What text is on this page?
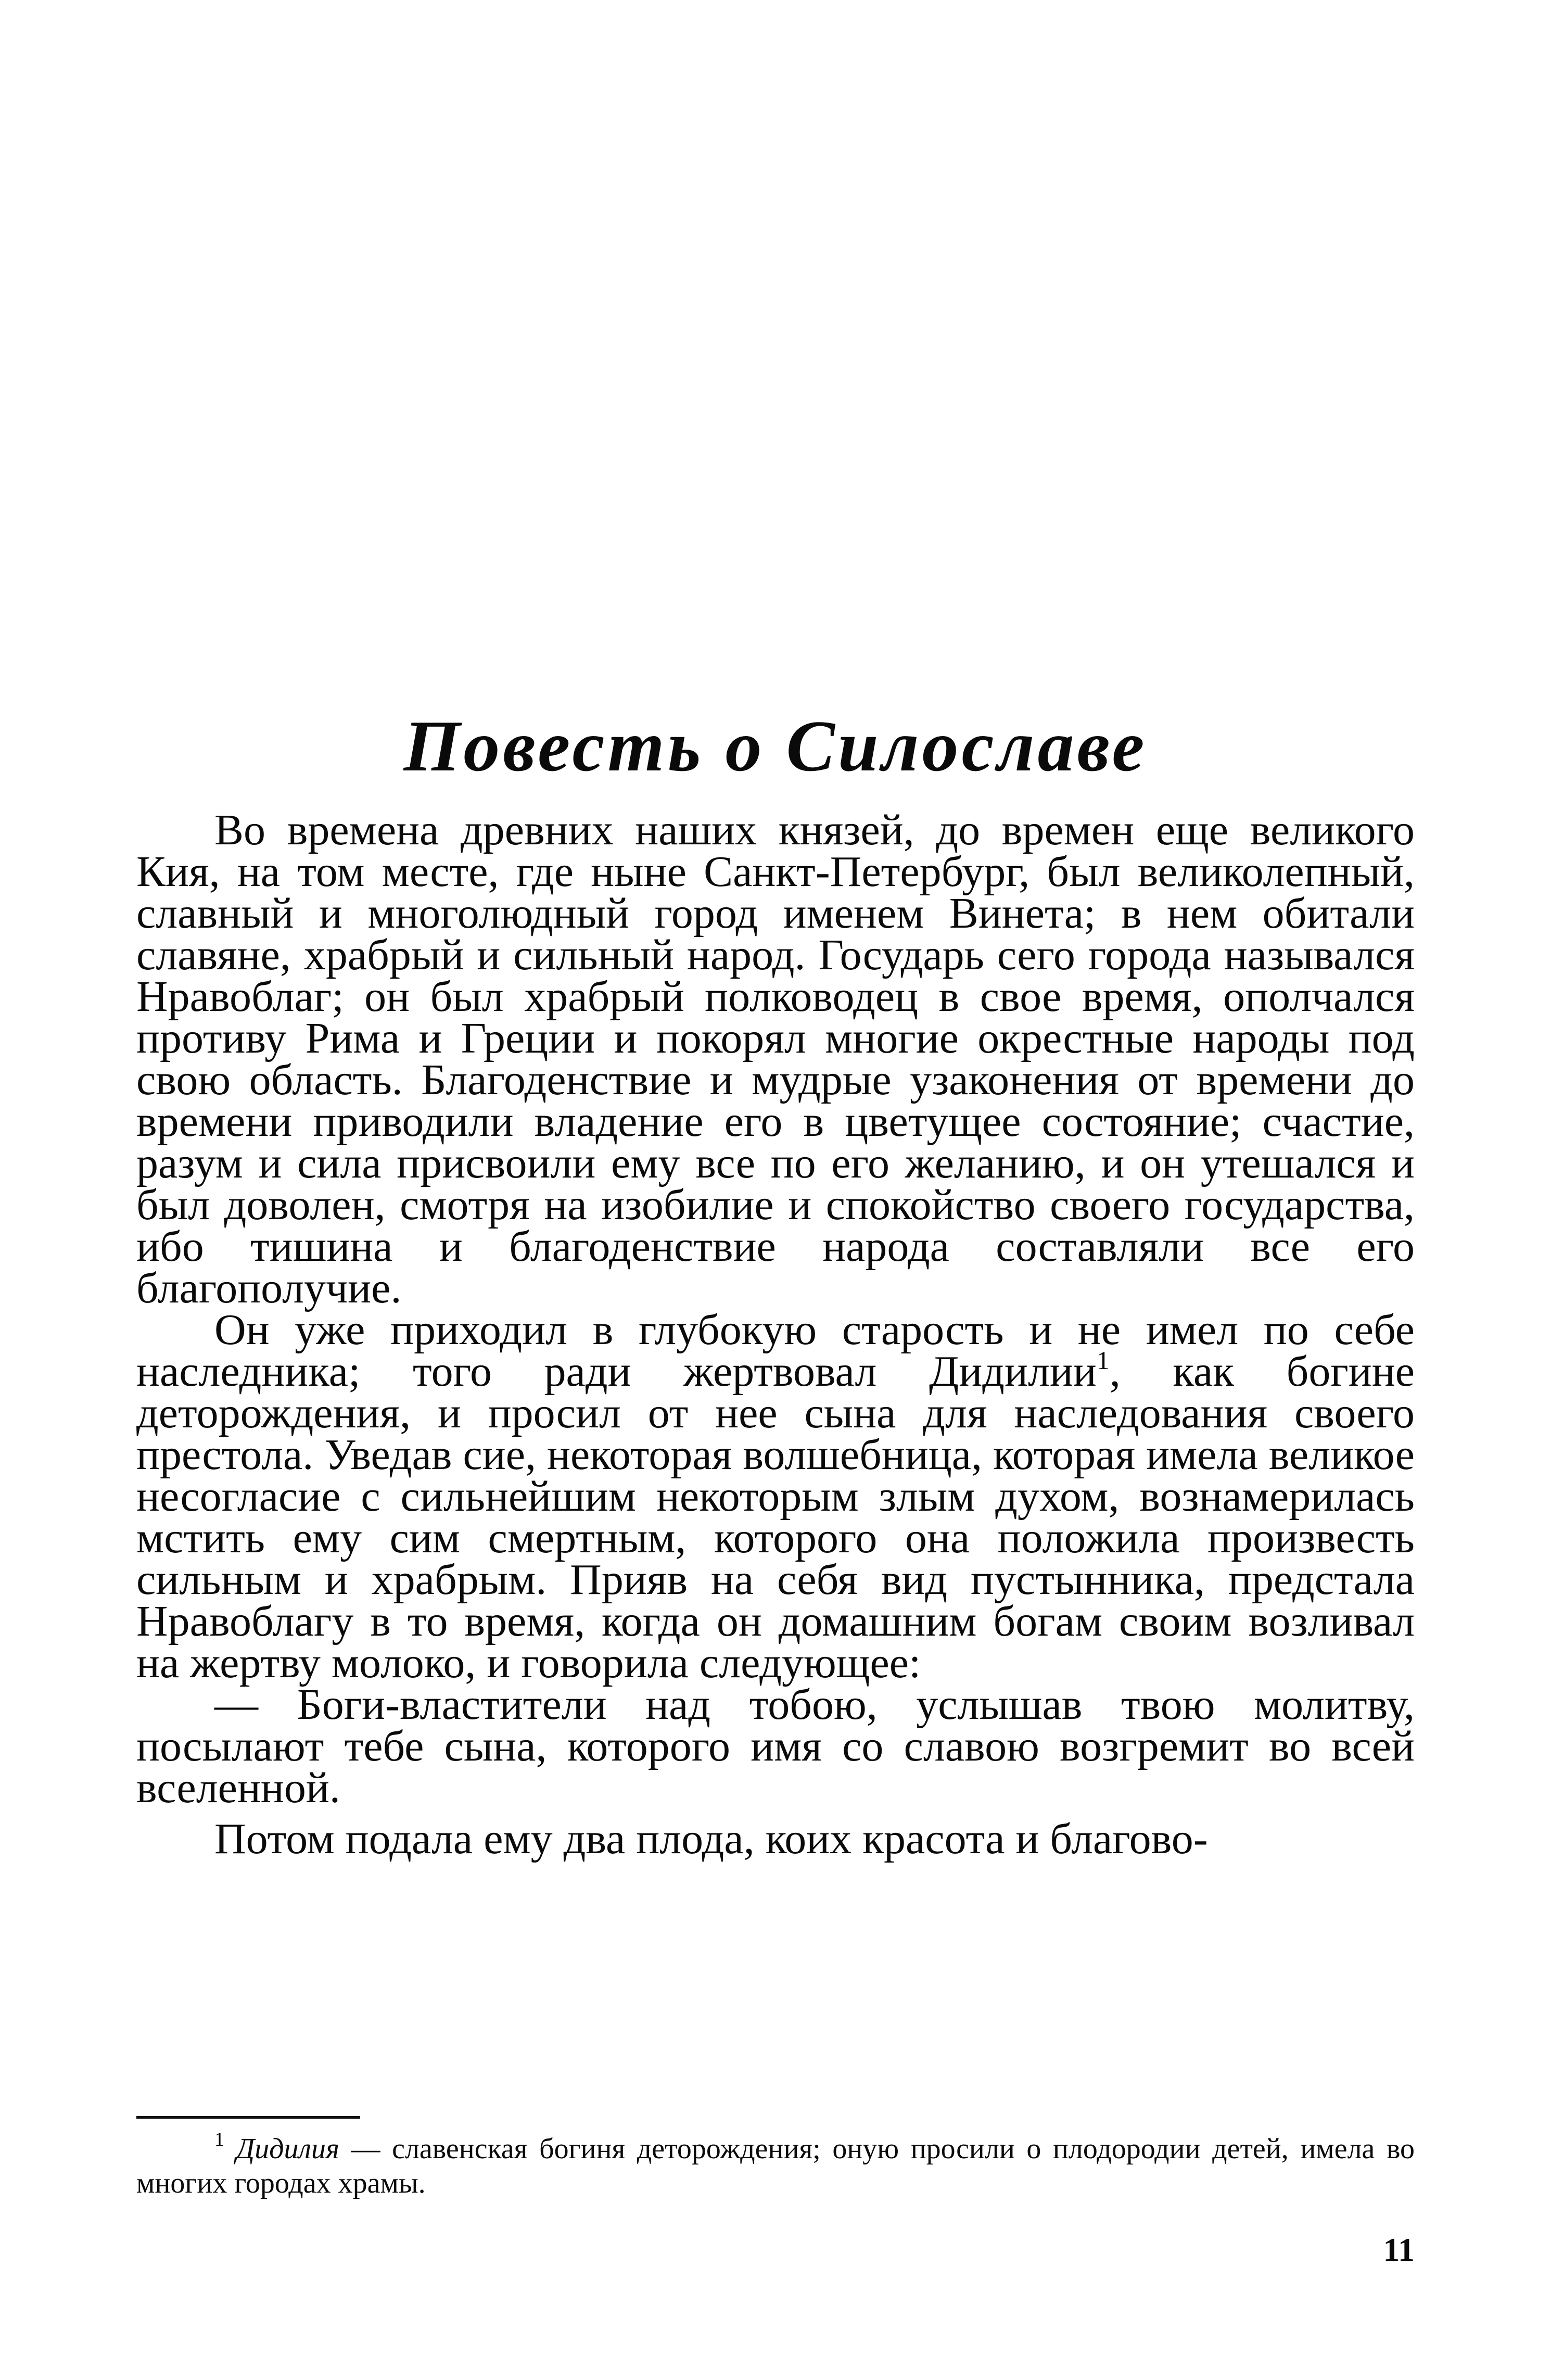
Повесть о Силославе

Во времена древних наших князей, до времен еще великого Кия, на том месте, где ныне Санкт-Петербург, был великолепный, славный и многолюдный город именем Винета; в нем обитали славяне, храбрый и сильный народ. Государь сего города назывался Нравоблаг; он был храбрый полководец в свое время, ополчался противу Рима и Греции и покорял многие окрестные народы под свою область. Благоденствие и мудрые узаконения от времени до времени приводили владение его в цветущее состояние; счастие, разум и сила присвоили ему все по его желанию, и он утешался и был доволен, смотря на изобилие и спокойство своего государства, ибо тишина и благоденствие народа составляли все его благополучие.

Он уже приходил в глубокую старость и не имел по себе наследника; того ради жертвовал Дидилии$^1$, как богине деторождения, и просил от нее сына для наследования своего престола. Уведав сие, некоторая волшебница, которая имела великое несогласие с сильнейшим некоторым злым духом, вознамерилась мстить ему сим смертным, которого она положила произвесть сильным и храбрым. Прияв на себя вид пустынника, предстала Нравоблагу в то время, когда он домашним богам своим возливал на жертву молоко, и говорила следующее:

— Боги-властители над тобою, услышав твою молитву, посылают тебе сына, которого имя со славою возгремит во всей вселенной.

Потом подала ему два плода, коих красота и благово-

$^1$ Дидилия — славенская богиня деторождения; оную просили о плодородии детей, имела во многих городах храмы.

11
